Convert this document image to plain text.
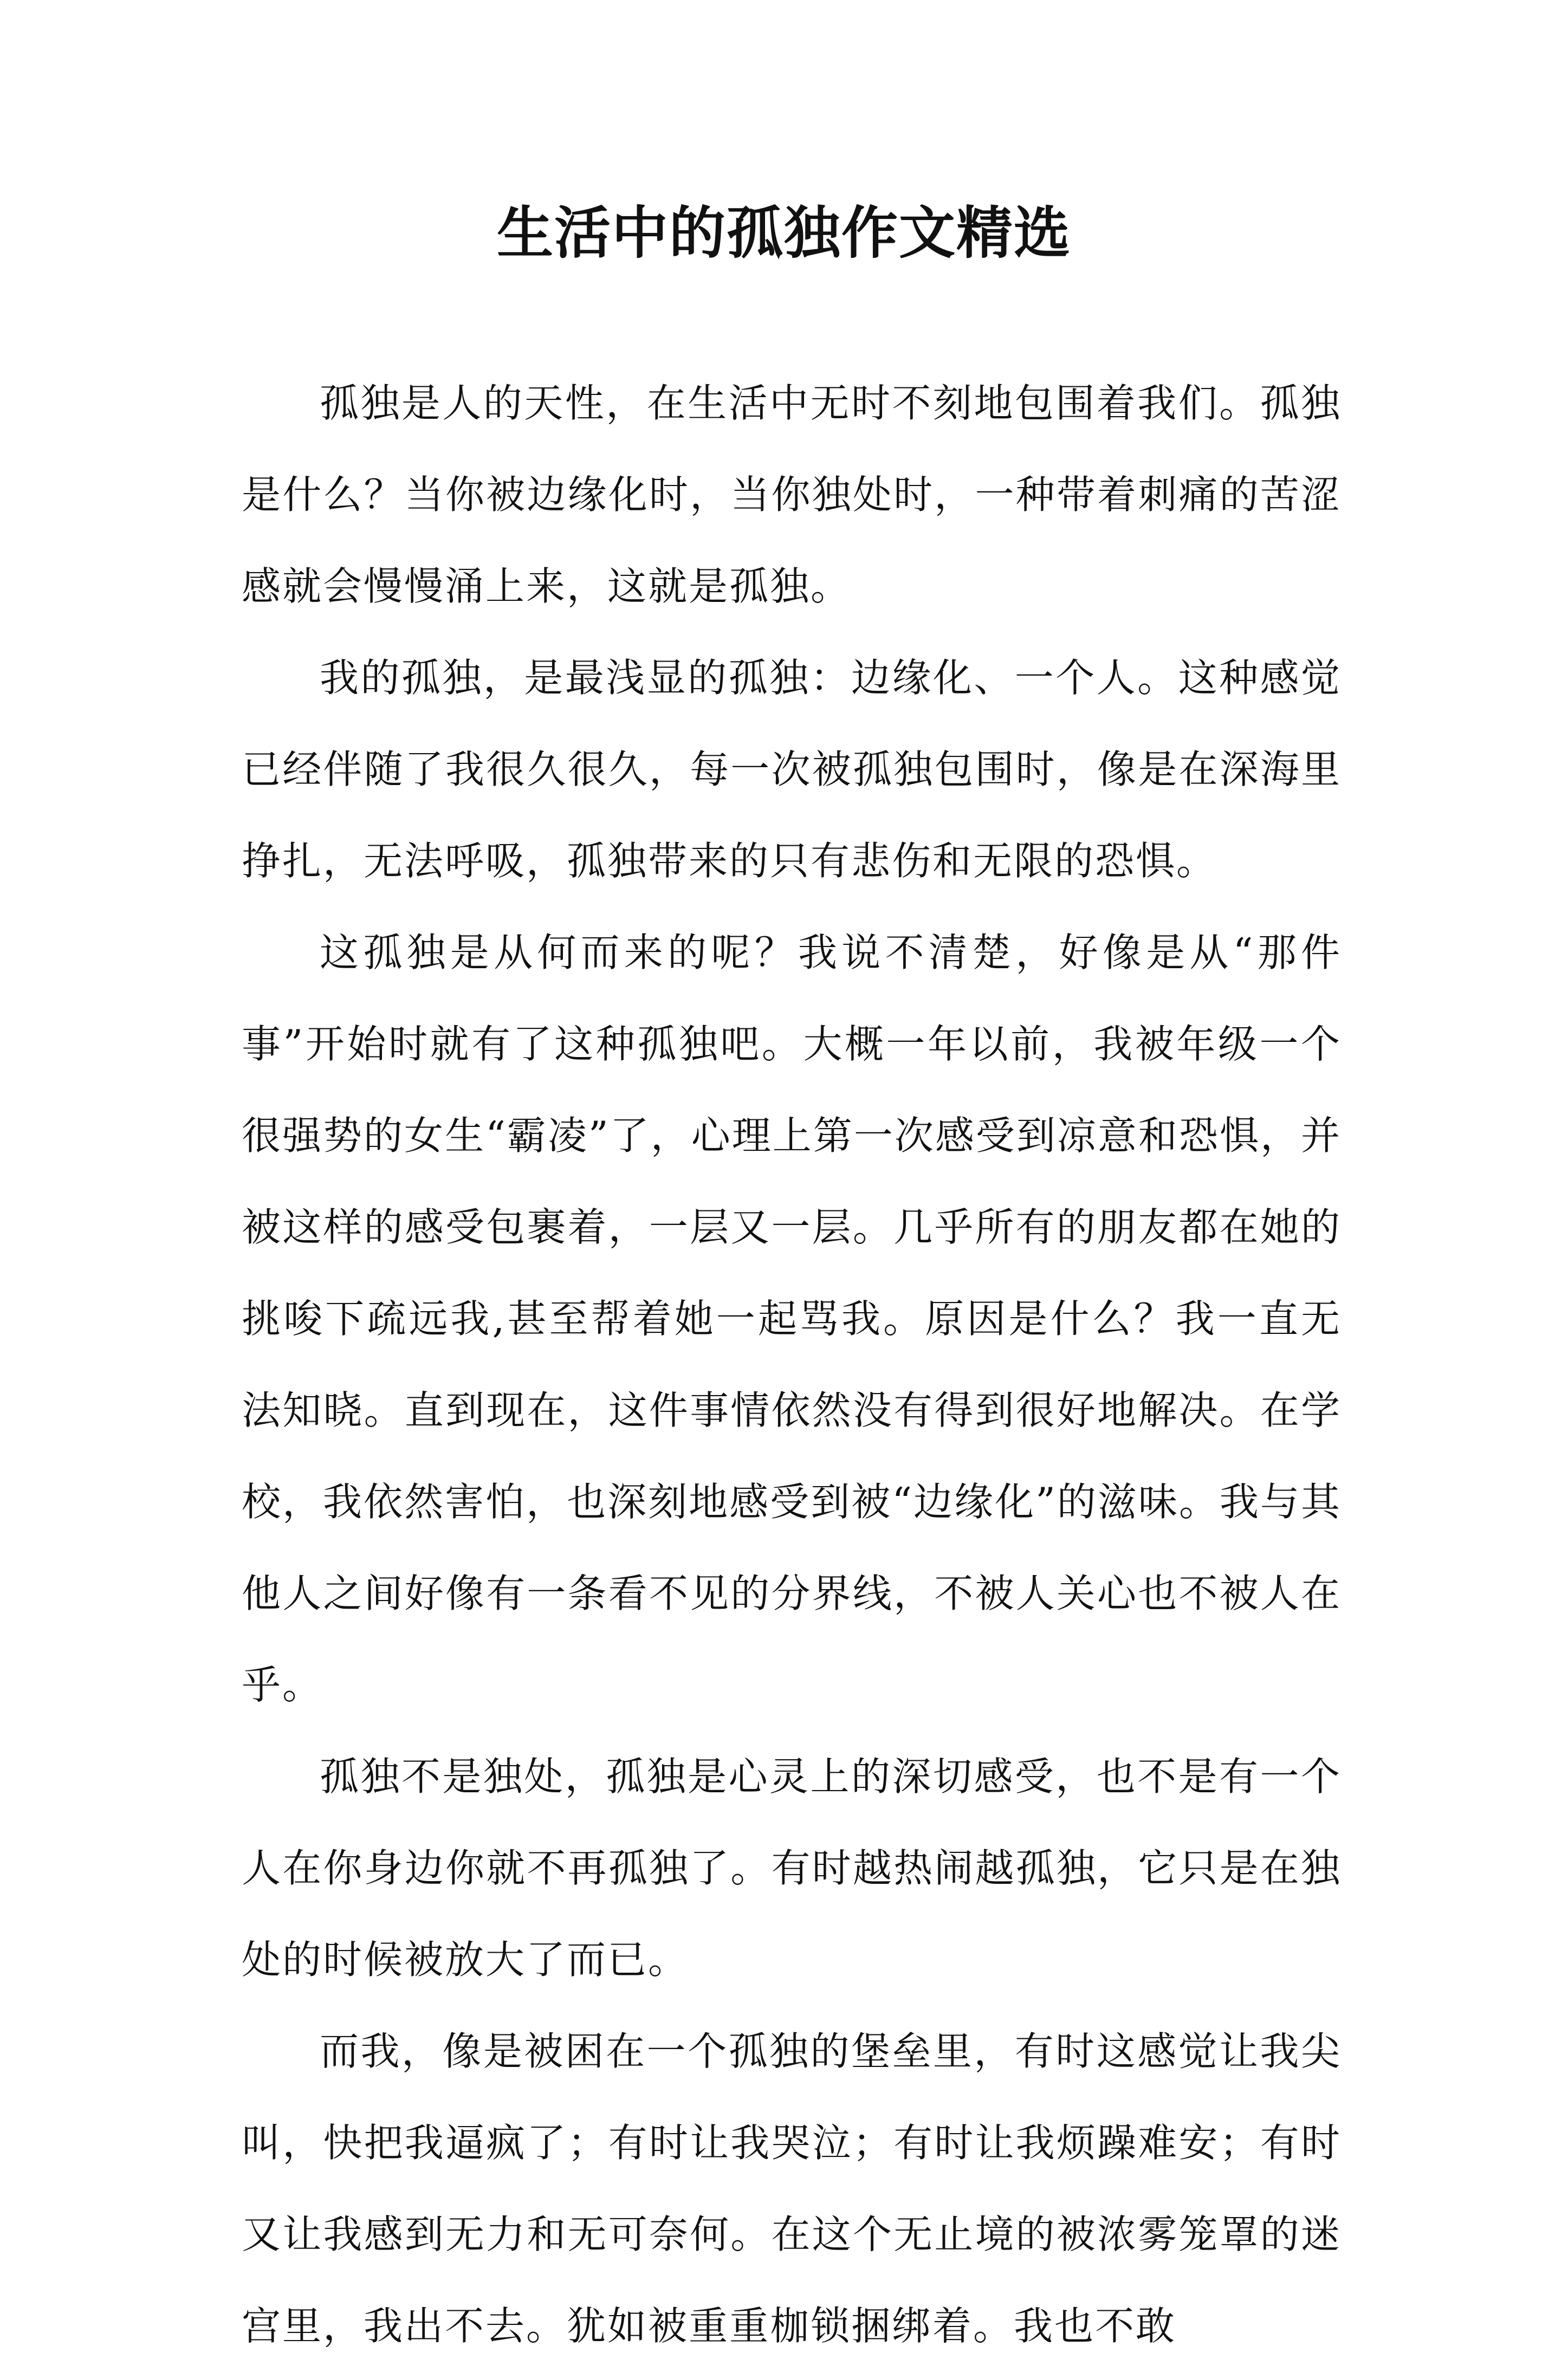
生活中的孤独作文精选

孤独是人的天性，在生活中无时不刻地包围着我们。孤独是什么？当你被边缘化时，当你独处时，一种带着刺痛的苦涩感就会慢慢涌上来，这就是孤独。

我的孤独，是最浅显的孤独：边缘化、一个人。这种感觉已经伴随了我很久很久，每一次被孤独包围时，像是在深海里挣扎，无法呼吸，孤独带来的只有悲伤和无限的恐惧。

这孤独是从何而来的呢？我说不清楚，好像是从“那件事”开始时就有了这种孤独吧。大概一年以前，我被年级一个很强势的女生“霸凌”了，心理上第一次感受到凉意和恐惧，并被这样的感受包裹着，一层又一层。几乎所有的朋友都在她的挑唆下疏远我,甚至帮着她一起骂我。原因是什么？我一直无法知晓。直到现在，这件事情依然没有得到很好地解决。在学校，我依然害怕，也深刻地感受到被“边缘化”的滋味。我与其他人之间好像有一条看不见的分界线，不被人关心也不被人在乎。

孤独不是独处，孤独是心灵上的深切感受，也不是有一个人在你身边你就不再孤独了。有时越热闹越孤独，它只是在独处的时候被放大了而已。

而我，像是被困在一个孤独的堡垒里，有时这感觉让我尖叫，快把我逼疯了；有时让我哭泣；有时让我烦躁难安；有时又让我感到无力和无可奈何。在这个无止境的被浓雾笼罩的迷宫里，我出不去。犹如被重重枷锁捆绑着。我也不敢
